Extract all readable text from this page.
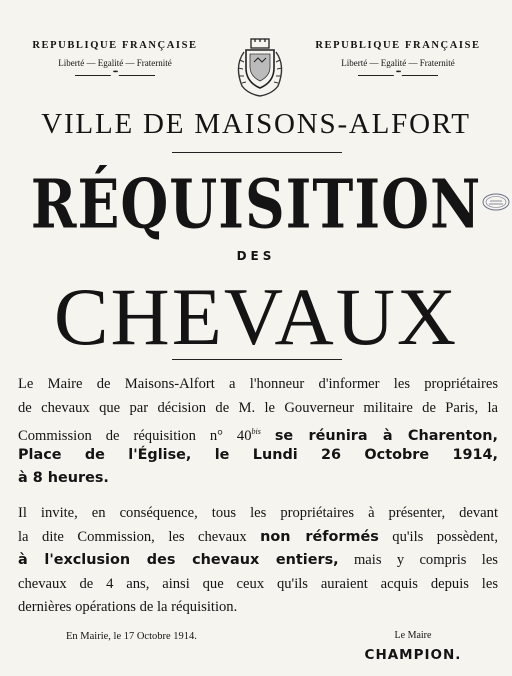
REPUBLIQUE FRANÇAISE
Liberté — Egalité — Fraternité
•••
REPUBLIQUE FRANÇAISE
Liberté — Egalité — Fraternité
•••
VILLE DE MAISONS-ALFORT
RÉQUISITION
DES
CHEVAUX
Le Maire de Maisons-Alfort a l'honneur d'informer les propriétaires
de chevaux que par décision de M. le Gouverneur militaire de Paris, la
Commission de réquisition n° $40^{bis}$ se réunira à Charenton,
Place de l'Église, le Lundi 26 Octobre 1914,
à 8 heures.
Il invite, en conséquence, tous les propriétaires à présenter, devant
la dite Commission, les chevaux non réformés qu'ils possèdent,
à l'exclusion des chevaux entiers, mais y compris les
chevaux de 4 ans, ainsi que ceux qu'ils auraient acquis depuis les
dernières opérations de la réquisition.
En Mairie, le 17 Octobre 1914.	Le Maire
CHAMPION.
